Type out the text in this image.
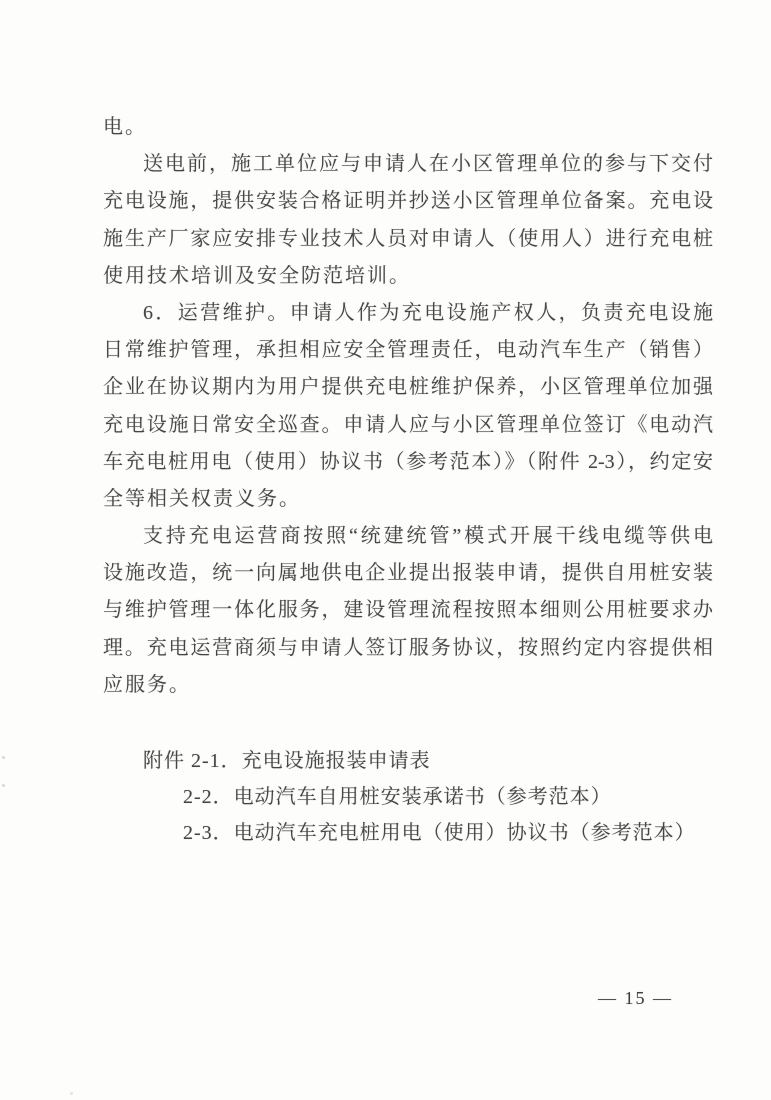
电。
送电前，施工单位应与申请人在小区管理单位的参与下交付
充电设施，提供安装合格证明并抄送小区管理单位备案。充电设
施生产厂家应安排专业技术人员对申请人（使用人）进行充电桩
使用技术培训及安全防范培训。
6．运营维护。申请人作为充电设施产权人，负责充电设施
日常维护管理，承担相应安全管理责任，电动汽车生产（销售）
企业在协议期内为用户提供充电桩维护保养，小区管理单位加强
充电设施日常安全巡查。申请人应与小区管理单位签订《电动汽
车充电桩用电（使用）协议书（参考范本）》（附件 2-3），约定安
全等相关权责义务。
支持充电运营商按照“统建统管”模式开展干线电缆等供电
设施改造，统一向属地供电企业提出报装申请，提供自用桩安装
与维护管理一体化服务，建设管理流程按照本细则公用桩要求办
理。充电运营商须与申请人签订服务协议，按照约定内容提供相
应服务。
附件 2-1．充电设施报装申请表
2-2．电动汽车自用桩安装承诺书（参考范本）
2-3．电动汽车充电桩用电（使用）协议书（参考范本）
— 15 —
